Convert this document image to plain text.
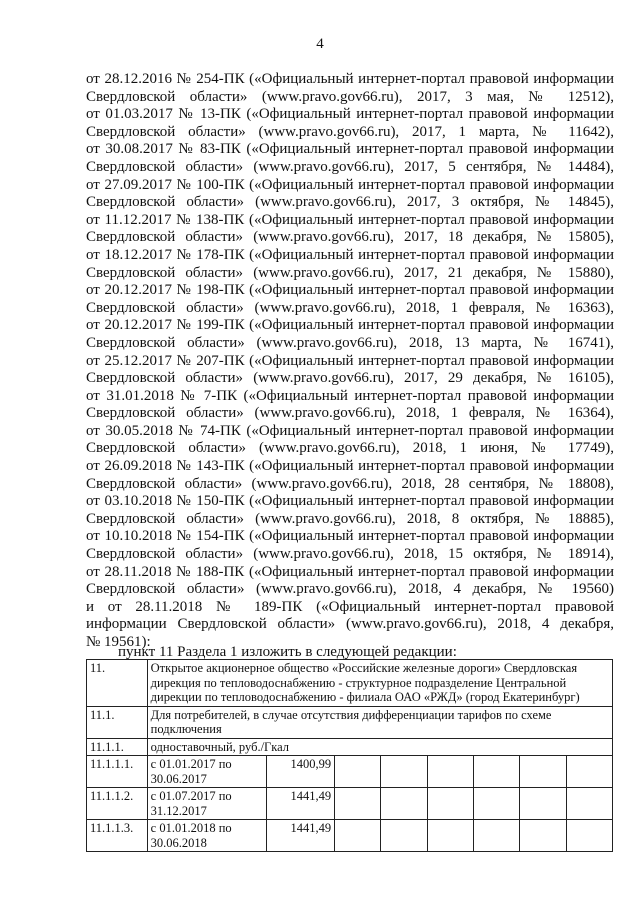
4
от 28.12.2016 № 254-ПК («Официальный интернет-портал правовой информации
Свердловской области» (www.pravo.gov66.ru), 2017, 3 мая, № 12512),
от 01.03.2017 № 13-ПК («Официальный интернет-портал правовой информации
Свердловской области» (www.pravo.gov66.ru), 2017, 1 марта, № 11642),
от 30.08.2017 № 83-ПК («Официальный интернет-портал правовой информации
Свердловской области» (www.pravo.gov66.ru), 2017, 5 сентября, № 14484),
от 27.09.2017 № 100-ПК («Официальный интернет-портал правовой информации
Свердловской области» (www.pravo.gov66.ru), 2017, 3 октября, № 14845),
от 11.12.2017 № 138-ПК («Официальный интернет-портал правовой информации
Свердловской области» (www.pravo.gov66.ru), 2017, 18 декабря, № 15805),
от 18.12.2017 № 178-ПК («Официальный интернет-портал правовой информации
Свердловской области» (www.pravo.gov66.ru), 2017, 21 декабря, № 15880),
от 20.12.2017 № 198-ПК («Официальный интернет-портал правовой информации
Свердловской области» (www.pravo.gov66.ru), 2018, 1 февраля, № 16363),
от 20.12.2017 № 199-ПК («Официальный интернет-портал правовой информации
Свердловской области» (www.pravo.gov66.ru), 2018, 13 марта, № 16741),
от 25.12.2017 № 207-ПК («Официальный интернет-портал правовой информации
Свердловской области» (www.pravo.gov66.ru), 2017, 29 декабря, № 16105),
от 31.01.2018 № 7-ПК («Официальный интернет-портал правовой информации
Свердловской области» (www.pravo.gov66.ru), 2018, 1 февраля, № 16364),
от 30.05.2018 № 74-ПК («Официальный интернет-портал правовой информации
Свердловской области» (www.pravo.gov66.ru), 2018, 1 июня, № 17749),
от 26.09.2018 № 143-ПК («Официальный интернет-портал правовой информации
Свердловской области» (www.pravo.gov66.ru), 2018, 28 сентября, № 18808),
от 03.10.2018 № 150-ПК («Официальный интернет-портал правовой информации
Свердловской области» (www.pravo.gov66.ru), 2018, 8 октября, № 18885),
от 10.10.2018 № 154-ПК («Официальный интернет-портал правовой информации
Свердловской области» (www.pravo.gov66.ru), 2018, 15 октября, № 18914),
от 28.11.2018 № 188-ПК («Официальный интернет-портал правовой информации
Свердловской области» (www.pravo.gov66.ru), 2018, 4 декабря, № 19560)
и от 28.11.2018 № 189-ПК («Официальный интернет-портал правовой
информации Свердловской области» (www.pravo.gov66.ru), 2018, 4 декабря,
№ 19561):
пункт 11 Раздела 1 изложить в следующей редакции:
11.	Открытое акционерное общество «Российские железные дороги» Свердловская
дирекция по тепловодоснабжению - структурное подразделение Центральной
дирекции по тепловодоснабжению - филиала ОАО «РЖД» (город Екатеринбург)							

11.1.	Для потребителей, в случае отсутствия дифференциации тарифов по схеме
подключения							

11.1.1.	одноставочный, руб./Гкал							
11.1.1.1.	с 01.01.2017 по
30.06.2017	1400,99						
11.1.1.2.	с 01.07.2017 по
31.12.2017	1441,49						
11.1.1.3.	с 01.01.2018 по
30.06.2018	1441,49						
